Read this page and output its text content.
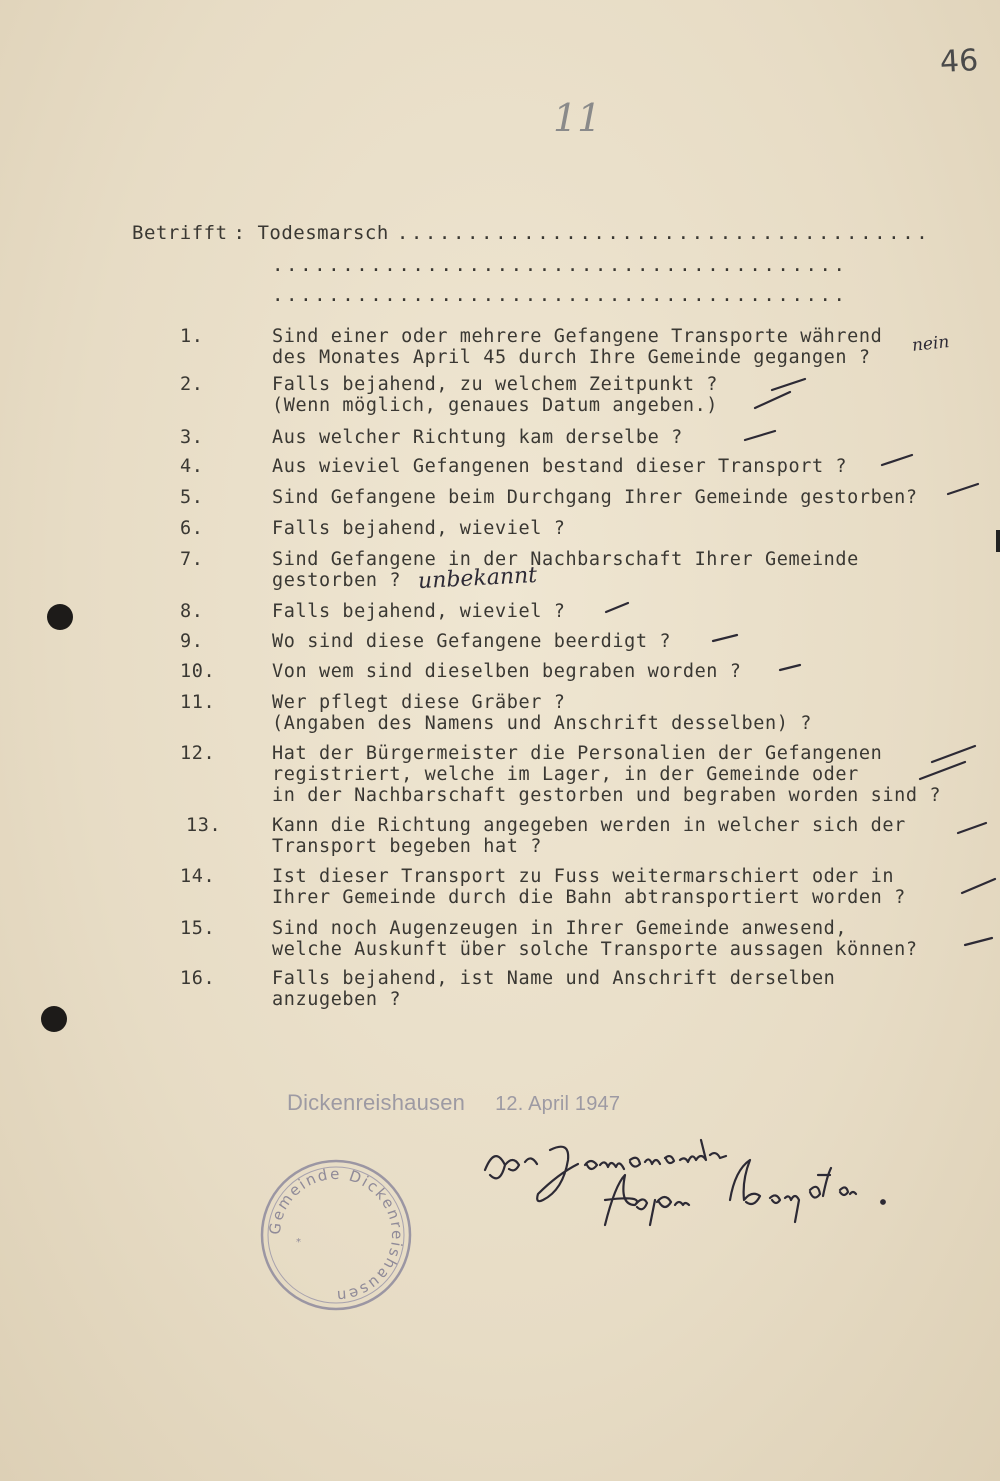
46
11
Betrifft : Todesmarsch ......................................
.........................................
.........................................
1.	Sind einer oder mehrere Gefangene Transporte während
des Monates April 45 durch Ihre Gemeinde gegangen ?
2.	Falls bejahend, zu welchem Zeitpunkt ?
(Wenn möglich, genaues Datum angeben.)
3.	Aus welcher Richtung kam derselbe ?
4.	Aus wieviel Gefangenen bestand dieser Transport ?
5.	Sind Gefangene beim Durchgang Ihrer Gemeinde gestorben?
6.	Falls bejahend, wieviel ?
7.	Sind Gefangene in der Nachbarschaft Ihrer Gemeinde
gestorben ?
8.	Falls bejahend, wieviel ?
9.	Wo sind diese Gefangene beerdigt ?
10.	Von wem sind dieselben begraben worden ?
11.	Wer pflegt diese Gräber ?
(Angaben des Namens und Anschrift desselben) ?
12.	Hat der Bürgermeister die Personalien der Gefangenen
registriert, welche im Lager, in der Gemeinde oder
in der Nachbarschaft gestorben und begraben worden sind ?
13.	Kann die Richtung angegeben werden in welcher sich der
Transport begeben hat ?
14.	Ist dieser Transport zu Fuss weitermarschiert oder in
Ihrer Gemeinde durch die Bahn abtransportiert worden ?
15.	Sind noch Augenzeugen in Ihrer Gemeinde anwesend,
welche Auskunft über solche Transporte aussagen können?
16.	Falls bejahend, ist Name und Anschrift derselben
anzugeben ?
nein
unbekannt
Dickenreishausen 12. April 1947
Gemeinde Dickenreishausen
*
